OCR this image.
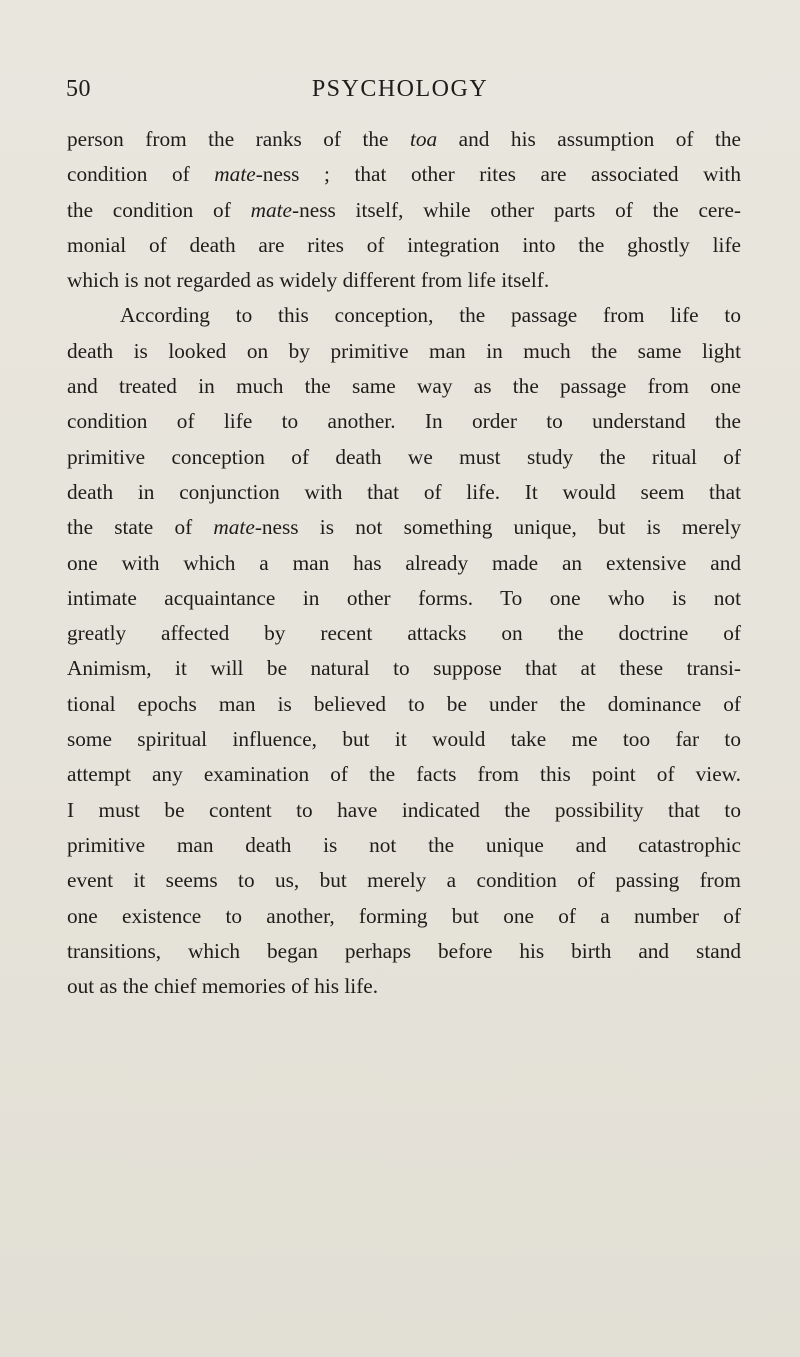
50	PSYCHOLOGY
person from the ranks of the toa and his assumption of the
condition of mate-ness ; that other rites are associated with
the condition of mate-ness itself, while other parts of the cere-
monial of death are rites of integration into the ghostly life
which is not regarded as widely different from life itself.
According to this conception, the passage from life to
death is looked on by primitive man in much the same light
and treated in much the same way as the passage from one
condition of life to another. In order to understand the
primitive conception of death we must study the ritual of
death in conjunction with that of life. It would seem that
the state of mate-ness is not something unique, but is merely
one with which a man has already made an extensive and
intimate acquaintance in other forms. To one who is not
greatly affected by recent attacks on the doctrine of
Animism, it will be natural to suppose that at these transi-
tional epochs man is believed to be under the dominance of
some spiritual influence, but it would take me too far to
attempt any examination of the facts from this point of view.
I must be content to have indicated the possibility that to
primitive man death is not the unique and catastrophic
event it seems to us, but merely a condition of passing from
one existence to another, forming but one of a number of
transitions, which began perhaps before his birth and stand
out as the chief memories of his life.
